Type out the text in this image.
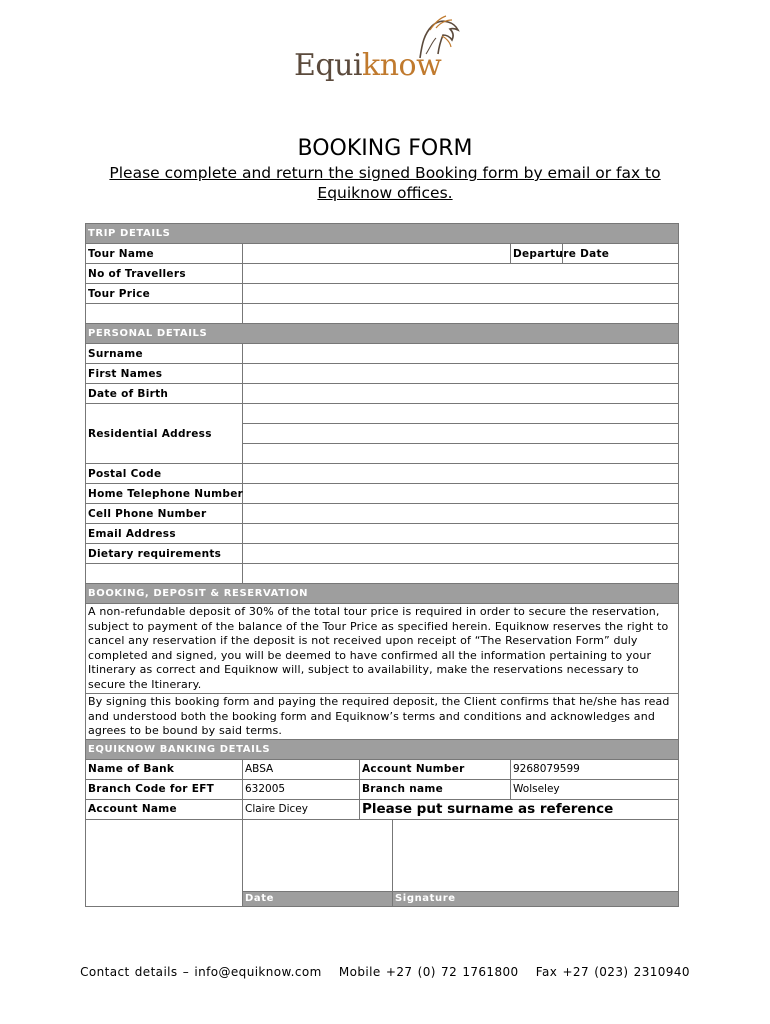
Equiknow
BOOKING FORM
Please complete and return the signed Booking form by email or fax to Equiknow offices.
TRIP DETAILS					
Tour Name				Departure Date	
No of Travellers					
Tour Price					

PERSONAL DETAILS					
Surname					
First Names					
Date of Birth					
Residential Address					

Postal Code					
Home Telephone Number					
Cell Phone Number					
Email Address					
Dietary requirements					

BOOKING, DEPOSIT & RESERVATION					
A non-refundable deposit of 30% of the total tour price is required in order to secure the reservation, subject to payment of the balance of the Tour Price as specified herein. Equiknow reserves the right to cancel any reservation if the deposit is not received upon receipt of “The Reservation Form” duly completed and signed, you will be deemed to have confirmed all the information pertaining to your Itinerary as correct and Equiknow will, subject to availability, make the reservations necessary to secure the Itinerary.					
By signing this booking form and paying the required deposit, the Client confirms that he/she has read and understood both the booking form and Equiknow’s terms and conditions and acknowledges and agrees to be bound by said terms.					
EQUIKNOW BANKING DETAILS					
Name of Bank	ABSA	Account Number		9268079599	
Branch Code for EFT	632005	Branch name		Wolseley	
Account Name	Claire Dicey	Please put surname as reference			

	Date		Signature		
Contact details – info@equiknow.com Mobile +27 (0) 72 1761800 Fax +27 (023) 2310940
